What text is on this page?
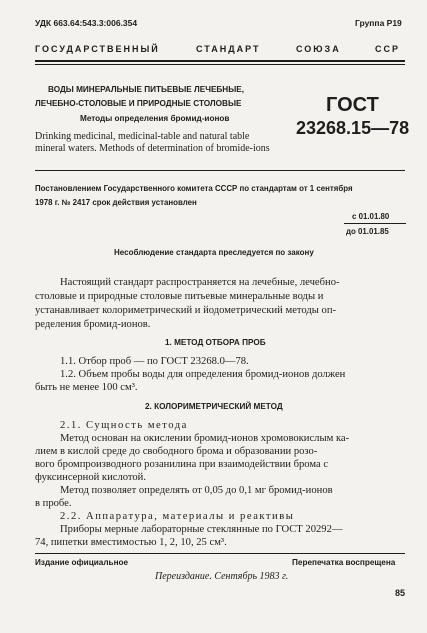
УДК 663.64:543.3:006.354	Группа Р19
ГОСУДАРСТВЕННЫЙ	СТАНДАРТ	СОЮЗА	ССР
ВОДЫ МИНЕРАЛЬНЫЕ ПИТЬЕВЫЕ ЛЕЧЕБНЫЕ,
ЛЕЧЕБНО-СТОЛОВЫЕ И ПРИРОДНЫЕ СТОЛОВЫЕ
Методы определения бромид-ионов
Drinking medicinal, medicinal-table and natural table
mineral waters. Methods of determination of bromide-ions
ГОСТ
23268.15—78
Постановлением Государственного комитета СССР по стандартам от 1 сентября
1978 г. № 2417 срок действия установлен
с 01.01.80
до 01.01.85
Несоблюдение стандарта преследуется по закону
Настоящий стандарт распространяется на лечебные, лечебно-
столовые и природные столовые питьевые минеральные воды и
устанавливает колориметрический и йодометрический методы оп-
ределения бромид-ионов.
1. МЕТОД ОТБОРА ПРОБ
1.1. Отбор проб — по ГОСТ 23268.0—78.
1.2. Объем пробы воды для определения бромид-ионов должен
быть не менее 100 см³.
2. КОЛОРИМЕТРИЧЕСКИЙ МЕТОД
2.1. Сущность метода
Метод основан на окислении бромид-ионов хромовокислым ка-
лием в кислой среде до свободного брома и образовании розо-
вого бромпроизводного розанилина при взаимодействии брома с
фуксинсерной кислотой.
Метод позволяет определять от 0,05 до 0,1 мг бромид-ионов
в пробе.
2.2. Аппаратура, материалы и реактивы
Приборы мерные лабораторные стеклянные по ГОСТ 20292—
74, пипетки вместимостью 1, 2, 10, 25 см³.
Издание официальное	Перепечатка воспрещена
Переиздание. Сентябрь 1983 г.
85
